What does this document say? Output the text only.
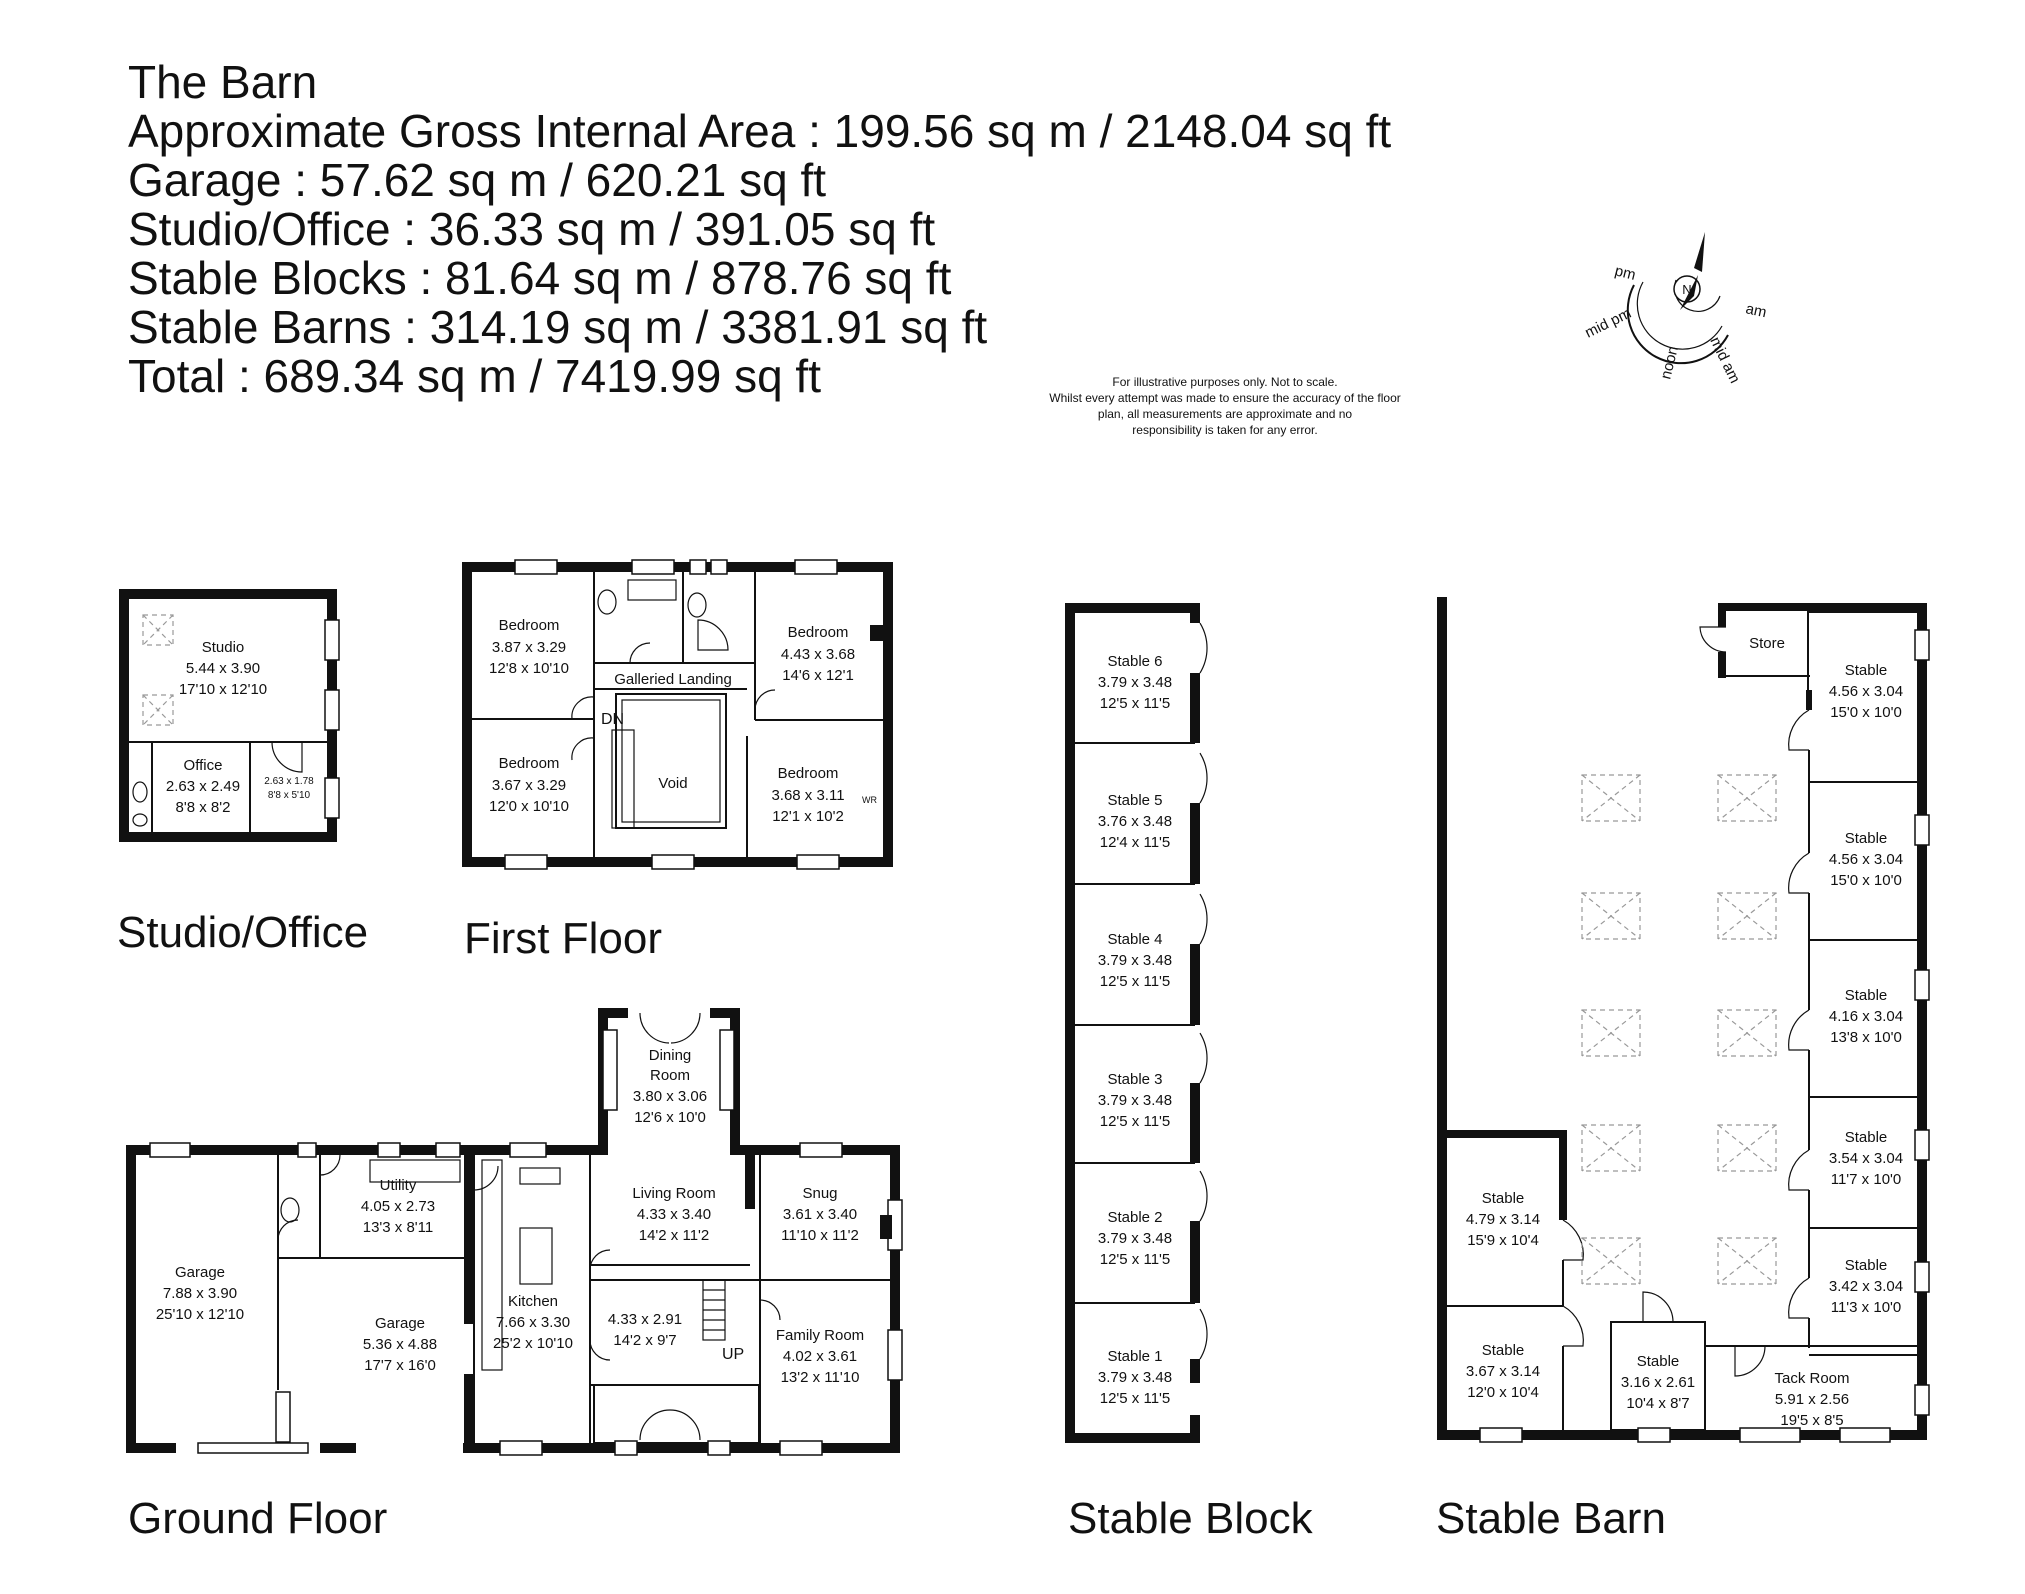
The Barn
Approximate Gross Internal Area : 199.56 sq m / 2148.04 sq ft
Garage : 57.62 sq m / 620.21 sq ft
Studio/Office : 36.33 sq m / 391.05 sq ft
Stable Blocks : 81.64 sq m / 878.76 sq ft
Stable Barns : 314.19 sq m / 3381.91 sq ft
Total : 689.34 sq m / 7419.99 sq ft	For illustrative purposes only. Not to scale.
Whilst every attempt was made to ensure the accuracy of the floor
plan, all measurements are approximate and no
responsibility is taken for any error.
Studio/Office First Floor
Ground Floor	Stable Block	Stable Barn
N
pm
mid pm
noon mid am
am
Studio
5.44 x 3.90
17'10 x 12'10
Office
2.63 x 2.49
8'8 x 8'2
2.63 x 1.78
8'8 x 5'10
Bedroom
3.87 x 3.29
12'8 x 10'10
Bedroom
3.67 x 3.29
12'0 x 10'10
Bedroom
4.43 x 3.68
14'6 x 12'1
Bedroom
3.68 x 3.11
12'1 x 10'2
Galleried Landing
Void
DN
WR
Utility
4.05 x 2.73
13'3 x 8'11
Garage
7.88 x 3.90
25'10 x 12'10
Garage
5.36 x 4.88
17'7 x 16'0
Kitchen
7.66 x 3.30
25'2 x 10'10
Dining
Room
3.80 x 3.06
12'6 x 10'0
Living Room
4.33 x 3.40
14'2 x 11'2
Snug
3.61 x 3.40
11'10 x 11'2
4.33 x 2.91
14'2 x 9'7
UP
Family Room
4.02 x 3.61
13'2 x 11'10
Stable 6
3.79 x 3.48
12'5 x 11'5
Stable 5
3.76 x 3.48
12'4 x 11'5
Stable 4
3.79 x 3.48
12'5 x 11'5
Stable 3
3.79 x 3.48
12'5 x 11'5
Stable 2
3.79 x 3.48
12'5 x 11'5
Stable 1
3.79 x 3.48
12'5 x 11'5
Store
Stable
4.56 x 3.04
15'0 x 10'0
Stable
4.56 x 3.04
15'0 x 10'0
Stable
4.16 x 3.04
13'8 x 10'0
Stable
3.54 x 3.04
11'7 x 10'0
Stable
3.42 x 3.04
11'3 x 10'0
Stable
4.79 x 3.14
15'9 x 10'4
Stable
3.67 x 3.14
12'0 x 10'4
Stable
3.16 x 2.61
10'4 x 8'7
Tack Room
5.91 x 2.56
19'5 x 8'5
